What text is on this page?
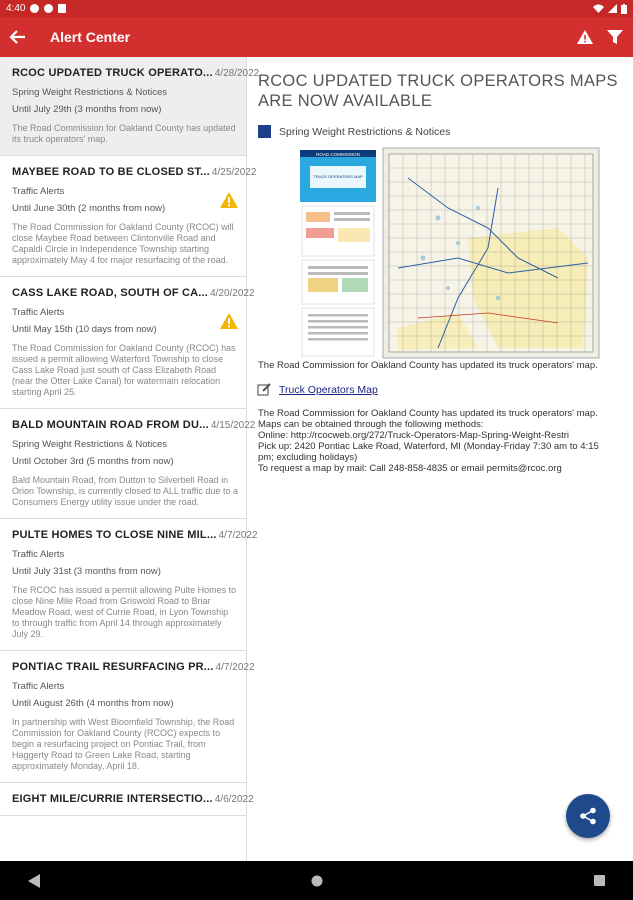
4:40
Alert Center
RCOC UPDATED TRUCK OPERATO... 4/28/2022
Spring Weight Restrictions & Notices
Until July 29th (3 months from now)
The Road Commission for Oakland County has updated its truck operators' map.
MAYBEE ROAD TO BE CLOSED ST... 4/25/2022
Traffic Alerts
Until June 30th (2 months from now)
The Road Commission for Oakland County (RCOC) will close Maybee Road between Clintonville Road and Capaldi Circle in Independence Township starting approximately May 4 for major resurfacing of the road.
CASS LAKE ROAD, SOUTH OF CA... 4/20/2022
Traffic Alerts
Until May 15th (10 days from now)
The Road Commission for Oakland County (RCOC) has issued a permit allowing Waterford Township to close Cass Lake Road just south of Cass Elizabeth Road (near the Otter Lake Canal) for watermain relocation starting April 25.
BALD MOUNTAIN ROAD FROM DU... 4/15/2022
Spring Weight Restrictions & Notices
Until October 3rd (5 months from now)
Bald Mountain Road, from Dutton to Silverbell Road in Orion Township, is currently closed to ALL traffic due to a Consumers Energy utility issue under the road.
PULTE HOMES TO CLOSE NINE MIL... 4/7/2022
Traffic Alerts
Until July 31st (3 months from now)
The RCOC has issued a permit allowing Pulte Homes to close Nine Mile Road from Griswold Road to Briar Meadow Road, west of Currie Road, in Lyon Township to through traffic from April 14 through approximately July 29.
PONTIAC TRAIL RESURFACING PR... 4/7/2022
Traffic Alerts
Until August 26th (4 months from now)
In partnership with West Bloomfield Township, the Road Commission for Oakland County (RCOC) expects to begin a resurfacing project on Pontiac Trail, from Haggerty Road to Green Lake Road, starting approximately Monday, April 18.
EIGHT MILE/CURRIE INTERSECTIO... 4/6/2022
RCOC UPDATED TRUCK OPERATORS MAPS ARE NOW AVAILABLE
Spring Weight Restrictions & Notices
ROAD COMMISSION
TRUCK OPERATORS MAP
The Road Commission for Oakland County has updated its truck operators' map.
Truck Operators Map
The Road Commission for Oakland County has updated its truck operators' map.
Maps can be obtained through the following methods:
Online: http://rcocweb.org/272/Truck-Operators-Map-Spring-Weight-Restri
Pick up: 2420 Pontiac Lake Road, Waterford, MI (Monday-Friday 7:30 am to 4:15
pm; excluding holidays)
To request a map by mail: Call 248-858-4835 or email permits@rcoc.org
